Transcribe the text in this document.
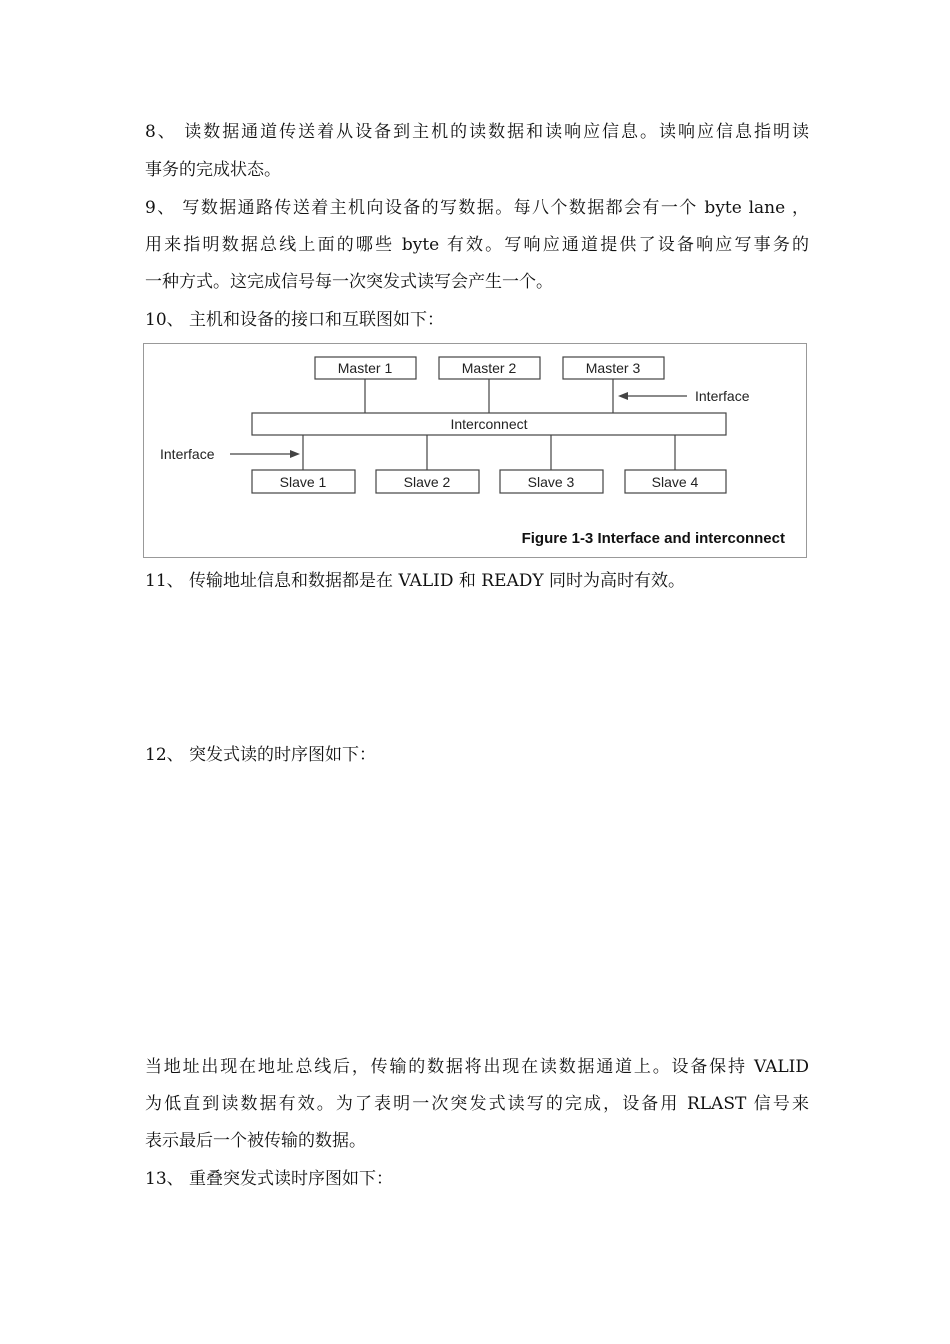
8、 读数据通道传送着从设备到主机的读数据和读响应信息。读响应信息指明读
事务的完成状态。
9、 写数据通路传送着主机向设备的写数据。每八个数据都会有一个 byte lane ，
用来指明数据总线上面的哪些 byte 有效。写响应通道提供了设备响应写事务的
一种方式。这完成信号每一次突发式读写会产生一个。
10、 主机和设备的接口和互联图如下：
Master 1	Master 2	Master 3
Interconnect
Slave 1	Slave 2	Slave 3	Slave 4
Interface
Interface
Figure 1-3 Interface and interconnect
11、 传输地址信息和数据都是在 VALID 和 READY 同时为高时有效。
12、 突发式读的时序图如下：
当地址出现在地址总线后，传输的数据将出现在读数据通道上。设备保持 VALID
为低直到读数据有效。为了表明一次突发式读写的完成，设备用 RLAST 信号来
表示最后一个被传输的数据。
13、 重叠突发式读时序图如下：
